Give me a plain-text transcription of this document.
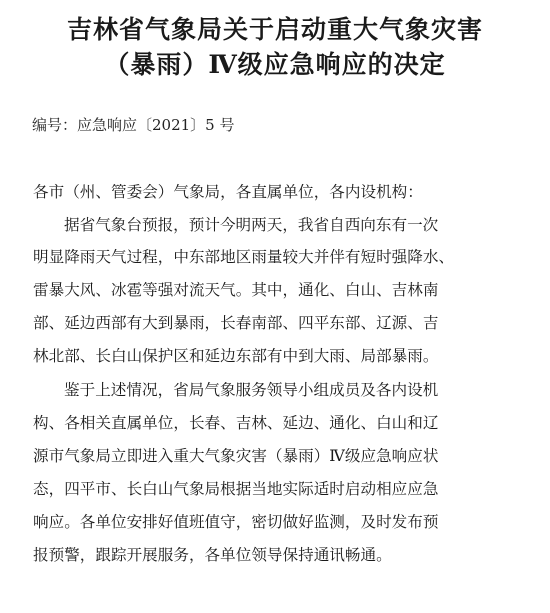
吉林省气象局关于启动重大气象灾害
（暴雨）Ⅳ级应急响应的决定
编号：应急响应〔2021〕5 号
各市（州、管委会）气象局，各直属单位，各内设机构：
据省气象台预报，预计今明两天，我省自西向东有一次
明显降雨天气过程，中东部地区雨量较大并伴有短时强降水、
雷暴大风、冰雹等强对流天气。其中，通化、白山、吉林南
部、延边西部有大到暴雨，长春南部、四平东部、辽源、吉
林北部、长白山保护区和延边东部有中到大雨、局部暴雨。
鉴于上述情况，省局气象服务领导小组成员及各内设机
构、各相关直属单位，长春、吉林、延边、通化、白山和辽
源市气象局立即进入重大气象灾害（暴雨）Ⅳ级应急响应状
态，四平市、长白山气象局根据当地实际适时启动相应应急
响应。各单位安排好值班值守，密切做好监测，及时发布预
报预警，跟踪开展服务，各单位领导保持通讯畅通。
